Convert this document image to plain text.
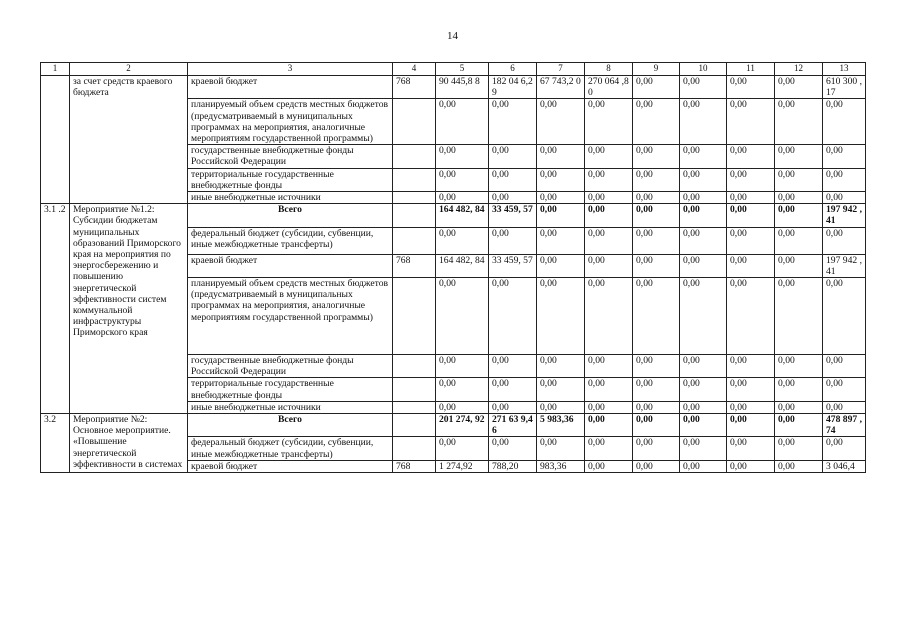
14
1	2	3	4	5	6	7	8	9	10	11	12	13
	за счет средств краевого бюджета	краевой бюджет	768	90 445,8 8	182 04 6,29	67 743,2 0	270 064 ,80	0,00	0,00	0,00	0,00	610 300 ,17
		планируемый объем средств местных бюджетов (предусматриваемый в муниципальных программах на мероприятия, аналогичные мероприятиям государственной программы)		0,00	0,00	0,00	0,00	0,00	0,00	0,00	0,00	0,00
		государственные внебюджетные фонды Российской Федерации		0,00	0,00	0,00	0,00	0,00	0,00	0,00	0,00	0,00
		территориальные государственные внебюджетные фонды		0,00	0,00	0,00	0,00	0,00	0,00	0,00	0,00	0,00
		иные внебюджетные источники		0,00	0,00	0,00	0,00	0,00	0,00	0,00	0,00	0,00
3.1 .2	Мероприятие №1.2: Субсидии бюджетам муниципальных образований Приморского края на мероприятия по энергосбережению и повышению энергетической эффективности систем коммунальной инфраструктуры Приморского края	Всего		164 482, 84	33 459, 57	0,00	0,00	0,00	0,00	0,00	0,00	197 942 ,41
		федеральный бюджет (субсидии, субвенции, иные межбюджетные трансферты)		0,00	0,00	0,00	0,00	0,00	0,00	0,00	0,00	0,00
		краевой бюджет	768	164 482, 84	33 459, 57	0,00	0,00	0,00	0,00	0,00	0,00	197 942 ,41
		планируемый объем средств местных бюджетов (предусматриваемый в муниципальных программах на мероприятия, аналогичные мероприятиям государственной программы)		0,00	0,00	0,00	0,00	0,00	0,00	0,00	0,00	0,00
		государственные внебюджетные фонды Российской Федерации		0,00	0,00	0,00	0,00	0,00	0,00	0,00	0,00	0,00
		территориальные государственные внебюджетные фонды		0,00	0,00	0,00	0,00	0,00	0,00	0,00	0,00	0,00
		иные внебюджетные источники		0,00	0,00	0,00	0,00	0,00	0,00	0,00	0,00	0,00
3.2	Мероприятие №2: Основное мероприятие. «Повышение энергетической эффективности в системах	Всего		201 274, 92	271 63 9,46	5 983,36	0,00	0,00	0,00	0,00	0,00	478 897 ,74
		федеральный бюджет (субсидии, субвенции, иные межбюджетные трансферты)		0,00	0,00	0,00	0,00	0,00	0,00	0,00	0,00	0,00
		краевой бюджет	768	1 274,92	788,20	983,36	0,00	0,00	0,00	0,00	0,00	3 046,4
